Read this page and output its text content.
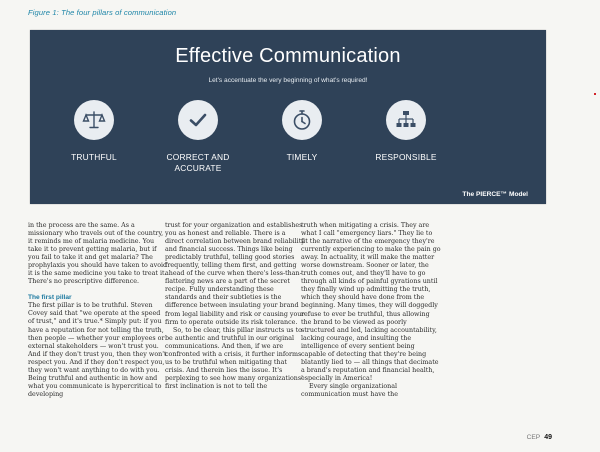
Figure 1: The four pillars of communication
Effective Communication
Let's accentuate the very beginning of what's required!
TRUTHFUL	CORRECT AND
ACCURATE
TIMELY	RESPONSIBLE
The PIERCE™ Model

in the process are the same. As a missionary who travels out of the country, it reminds me of malaria medicine. You take it to prevent getting malaria, but if you fail to take it and get malaria? The prophylaxis you should have taken to avoid it is the same medicine you take to treat it. There's no prescriptive difference.

The first pillar

The first pillar is to be truthful. Steven Covey said that "we operate at the speed of trust," and it's true.* Simply put: if you have a reputation for not telling the truth, then people — whether your employees or external stakeholders — won't trust you. And if they don't trust you, then they won't respect you. And if they don't respect you, they won't want anything to do with you. Being truthful and authentic in how and what you communicate is hypercritical to developing

trust for your organization and establishes you as honest and reliable. There is a direct correlation between brand reliability and financial success. Things like being predictably truthful, telling good stories frequently, telling them first, and getting ahead of the curve when there's less-than-flattering news are a part of the secret recipe. Fully understanding these standards and their subtleties is the difference between insulating your brand from legal liability and risk or causing your firm to operate outside its risk tolerance.

So, to be clear, this pillar instructs us to be authentic and truthful in our original communications. And then, if we are confronted with a crisis, it further informs us to be truthful when mitigating that crisis. And therein lies the issue. It's perplexing to see how many organizations' first inclination is not to tell the

truth when mitigating a crisis. They are what I call "emergency liars." They lie to fit the narrative of the emergency they're currently experiencing to make the pain go away. In actuality, it will make the matter worse downstream. Sooner or later, the truth comes out, and they'll have to go through all kinds of painful gyrations until they finally wind up admitting the truth, which they should have done from the beginning. Many times, they will doggedly refuse to ever be truthful, thus allowing the brand to be viewed as poorly structured and led, lacking accountability, lacking courage, and insulting the intelligence of every sentient being capable of detecting that they're being blatantly lied to — all things that decimate a brand's reputation and financial health, especially in America!

Every single organizational communication must have the

CEP 49
